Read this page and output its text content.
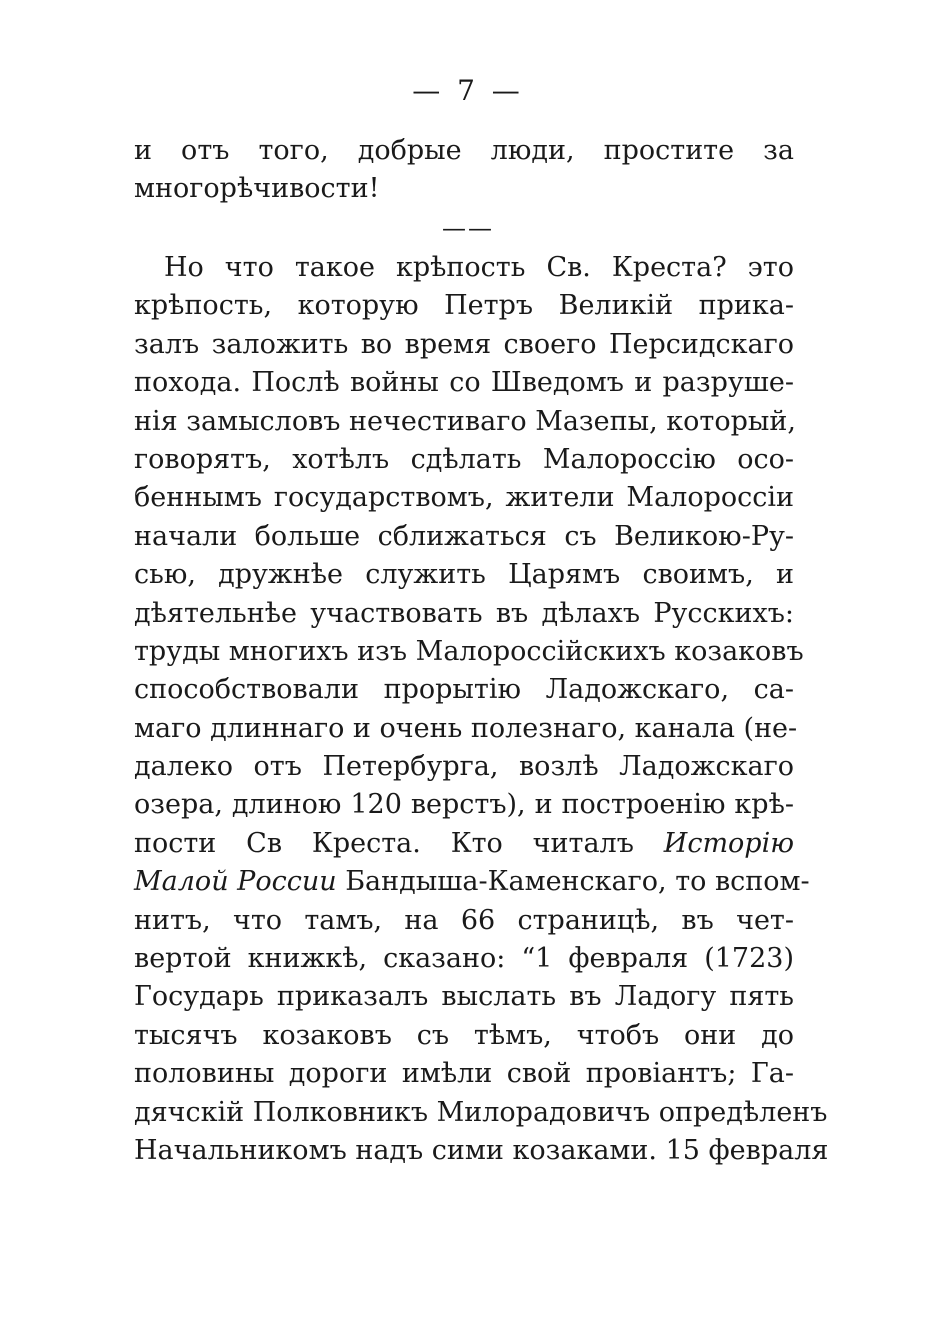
— 7 —
и отъ того, добрые люди, простите за
многорѣчивости!
——
Но что такое крѣпость Св. Креста? это
крѣпость, которую Петръ Великій прика-
залъ заложить во время своего Персидскаго
похода. Послѣ войны со Шведомъ и разруше-
нія замысловъ нечестиваго Мазепы, который,
говорятъ, хотѣлъ сдѣлать Малороссію осо-
беннымъ государствомъ, жители Малороссіи
начали больше сближаться съ Великою-Ру-
сью, дружнѣе служить Царямъ своимъ, и
дѣятельнѣе участвовать въ дѣлахъ Русскихъ:
труды многихъ изъ Малороссійскихъ козаковъ
способствовали прорытію Ладожскаго, са-
маго длиннаго и очень полезнаго, канала (не-
далеко отъ Петербурга, возлѣ Ладожскаго
озера, длиною 120 верстъ), и построенію крѣ-
пости Св Креста. Кто читалъ Исторію
Малой России Бандыша-Каменскаго, то вспом-
нитъ, что тамъ, на 66 страницѣ, въ чет-
вертой книжкѣ, сказано: “1 февраля (1723)
Государь приказалъ выслать въ Ладогу пять
тысячъ козаковъ съ тѣмъ, чтобъ они до
половины дороги имѣли свой провіантъ; Га-
дячскій Полковникъ Милорадовичъ опредѣленъ
Начальникомъ надъ сими козаками. 15 февраля
